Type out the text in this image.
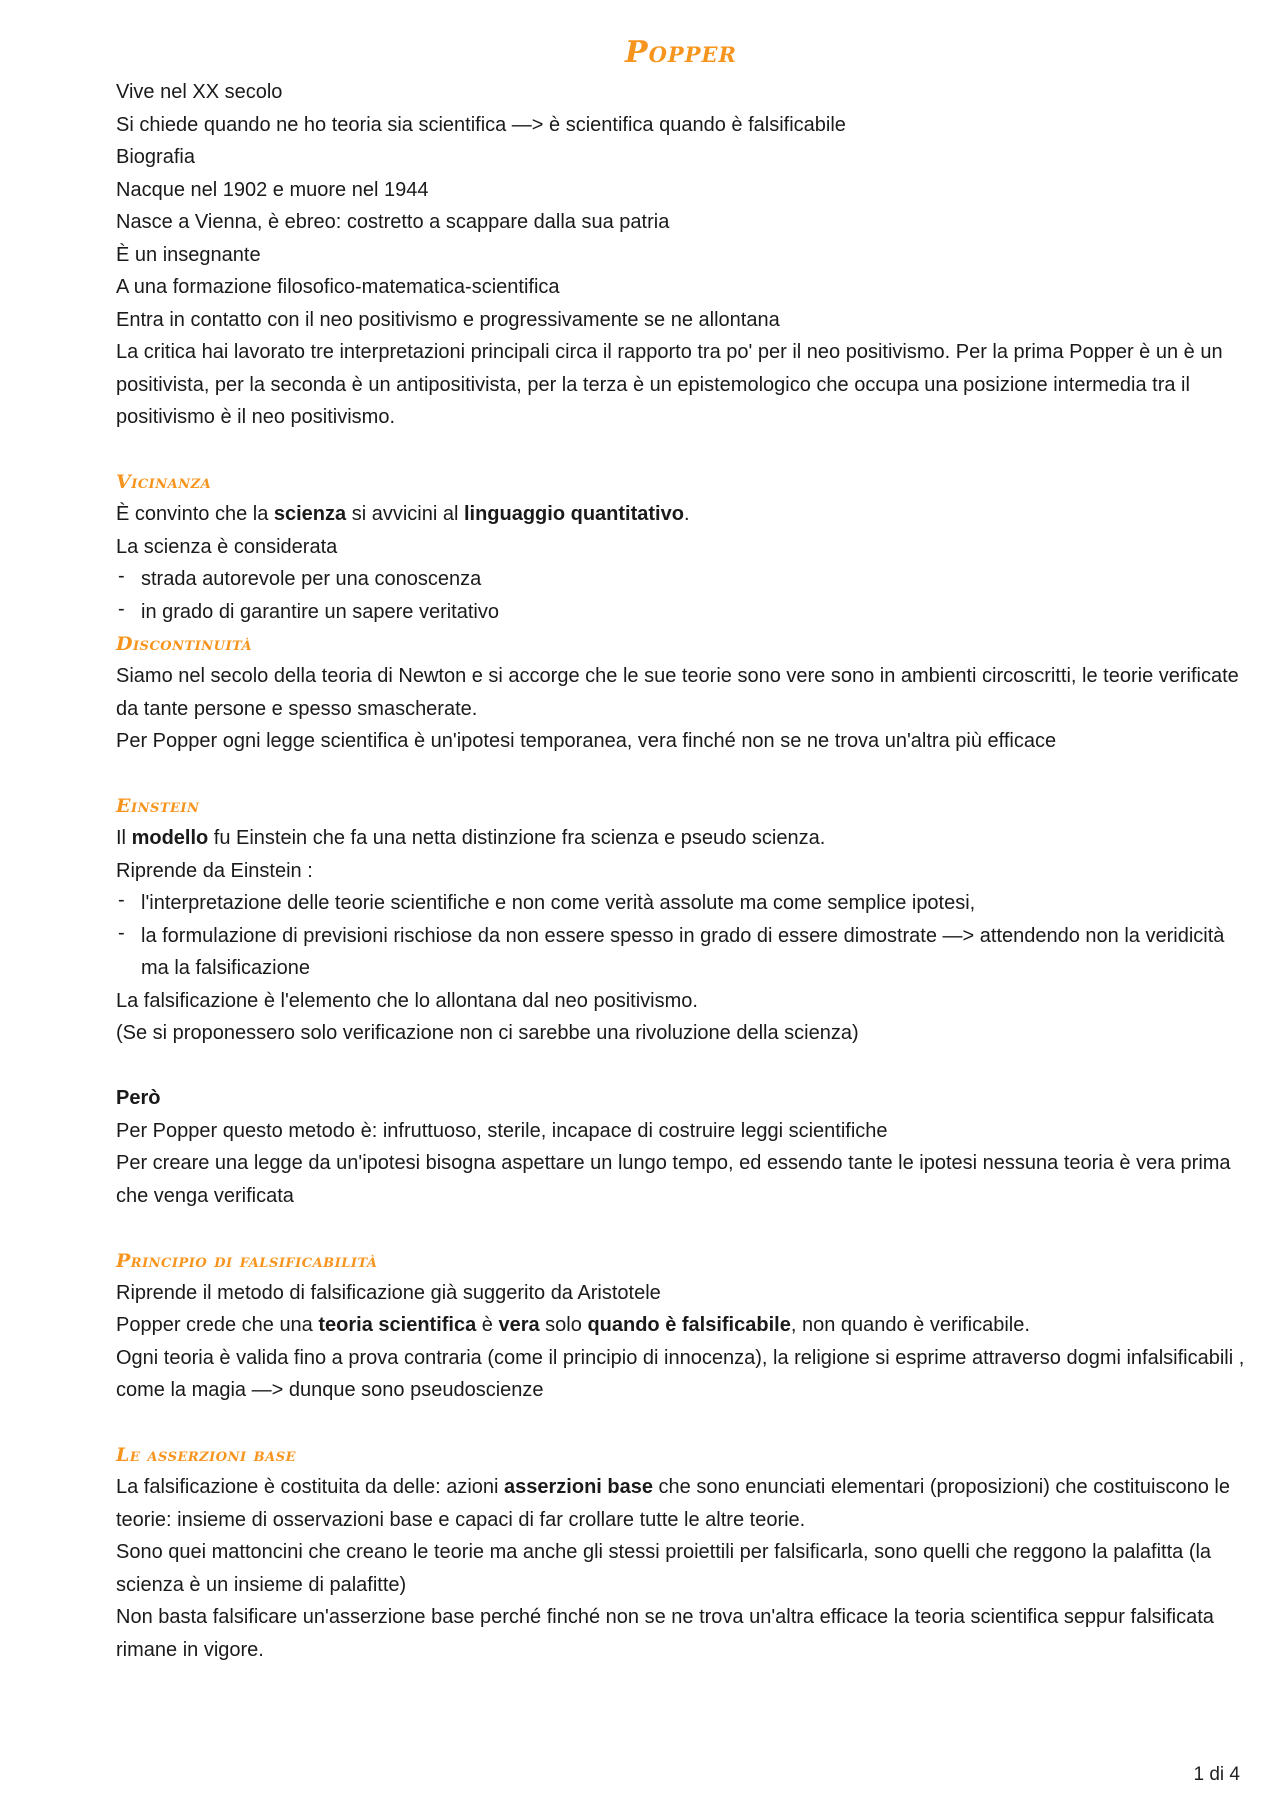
Popper
Vive nel XX secolo
Si chiede quando ne ho teoria sia scientifica —> è scientifica quando è falsificabile
Biografia
Nacque nel 1902 e muore nel 1944
Nasce a Vienna, è ebreo: costretto a scappare dalla sua patria
È un insegnante
A una formazione filosofico-matematica-scientifica
Entra in contatto con il neo positivismo e progressivamente se ne allontana
La critica hai lavorato tre interpretazioni principali circa il rapporto tra po' per il neo positivismo. Per la prima Popper è un è un positivista, per la seconda è un antipositivista, per la terza è un epistemologico che occupa una posizione intermedia tra il positivismo è il neo positivismo.
Vicinanza
È convinto che la scienza si avvicini al linguaggio quantitativo.
La scienza è considerata
- strada autorevole per una conoscenza
- in grado di garantire un sapere veritativo
Discontinuità
Siamo nel secolo della teoria di Newton e si accorge che le sue teorie sono vere sono in ambienti circoscritti, le teorie verificate da tante persone e spesso smascherate.
Per Popper ogni legge scientifica è un'ipotesi temporanea, vera finché non se ne trova un'altra più efficace
Einstein
Il modello fu Einstein che fa una netta distinzione fra scienza e pseudo scienza.
Riprende da Einstein :
- l'interpretazione delle teorie scientifiche e non come verità assolute ma come semplice ipotesi,
- la formulazione di previsioni rischiose da non essere spesso in grado di essere dimostrate —> attendendo non la veridicità ma la falsificazione
La falsificazione è l'elemento che lo allontana dal neo positivismo.
(Se si proponessero solo verificazione non ci sarebbe una rivoluzione della scienza)
Però
Per Popper questo metodo è: infruttuoso, sterile, incapace di costruire leggi scientifiche
Per creare una legge da un'ipotesi bisogna aspettare un lungo tempo, ed essendo tante le ipotesi nessuna teoria è vera prima che venga verificata
Principio di falsificabilità
Riprende il metodo di falsificazione già suggerito da Aristotele
Popper crede che una teoria scientifica è vera solo quando è falsificabile, non quando è verificabile.
Ogni teoria è valida fino a prova contraria (come il principio di innocenza), la religione si esprime attraverso dogmi infalsificabili , come la magia —> dunque sono pseudoscienze
Le asserzioni base
La falsificazione è costituita da delle: azioni asserzioni base che sono enunciati elementari (proposizioni) che costituiscono le teorie: insieme di osservazioni base e capaci di far crollare tutte le altre teorie.
Sono quei mattoncini che creano le teorie ma anche gli stessi proiettili per falsificarla, sono quelli che reggono la palafitta (la scienza è un insieme di palafitte)
Non basta falsificare un'asserzione base perché finché non se ne trova un'altra efficace la teoria scientifica seppur falsificata rimane in vigore.
1 di 4
